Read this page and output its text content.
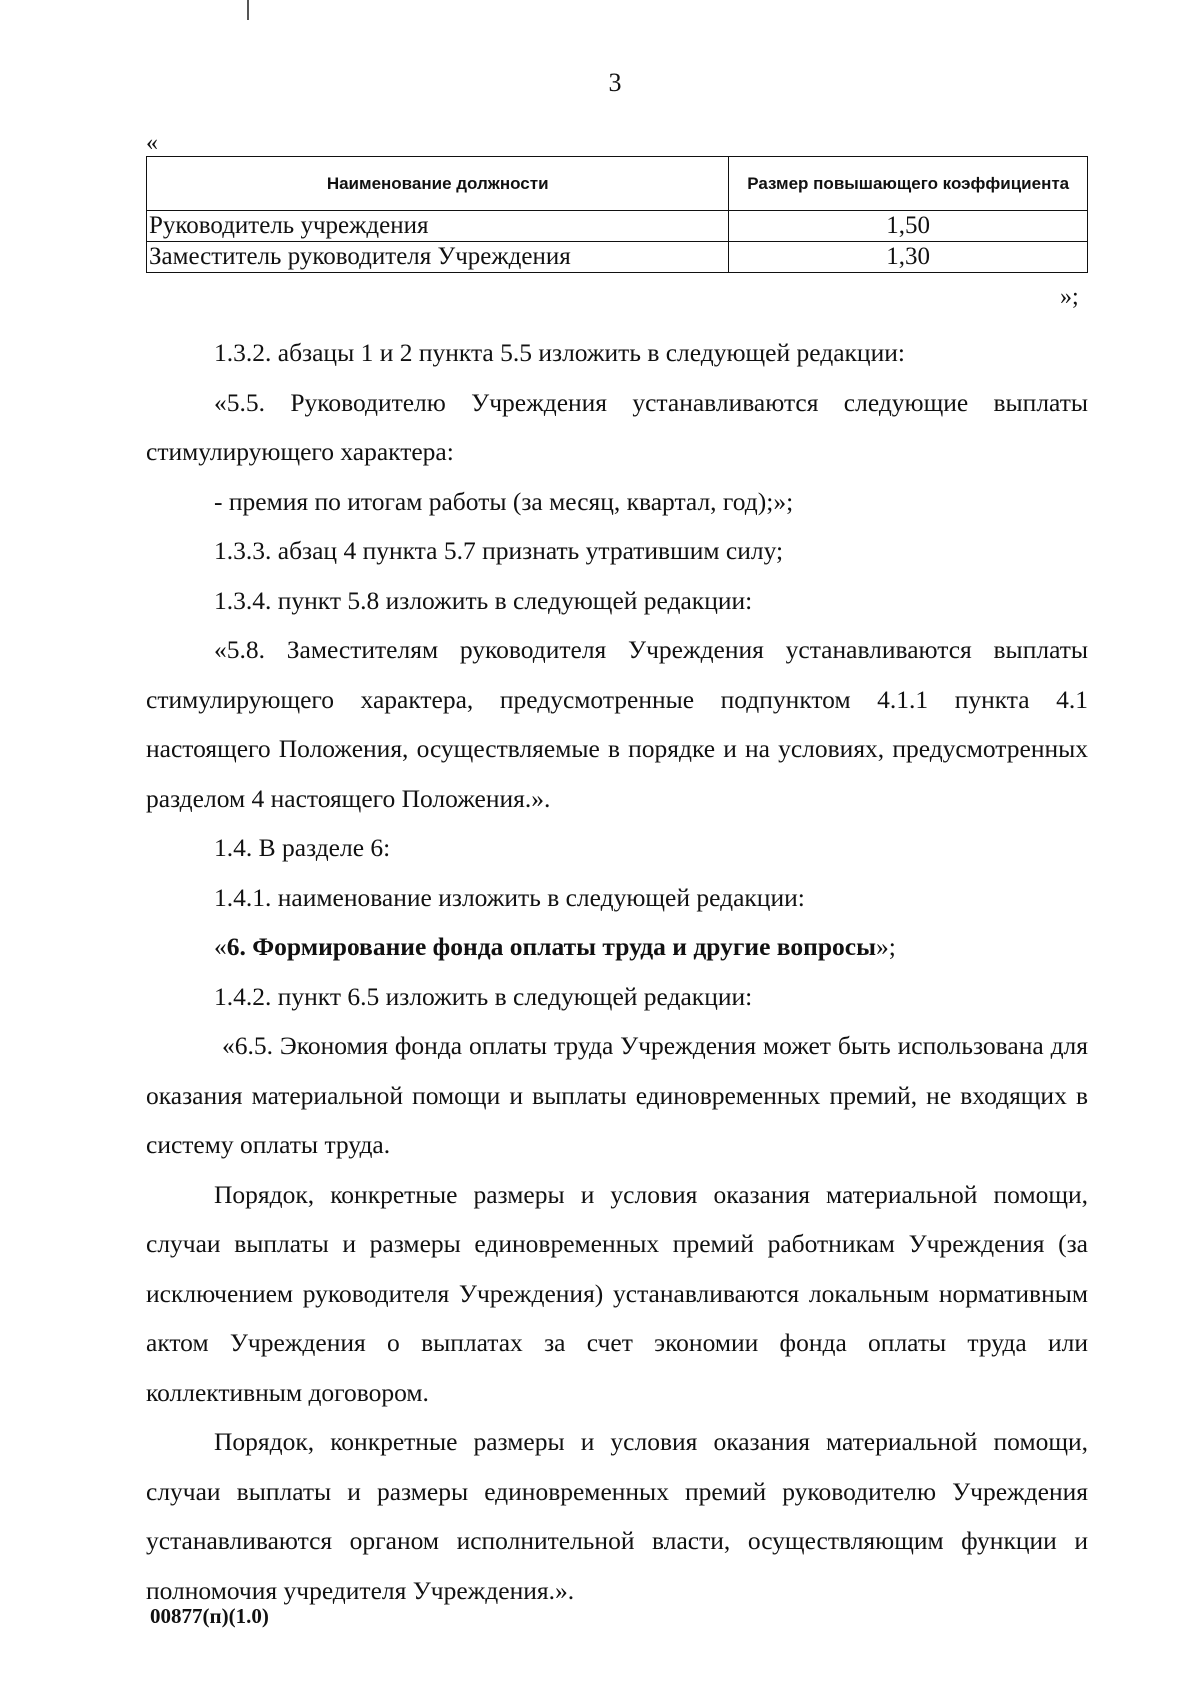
3
«
Наименование должности	Размер повышающего коэффициента
Руководитель учреждения	1,50
Заместитель руководителя Учреждения	1,30
»;

1.3.2. абзацы 1 и 2 пункта 5.5 изложить в следующей редакции:

«5.5. Руководителю Учреждения устанавливаются следующие выплаты стимулирующего характера:

- премия по итогам работы (за месяц, квартал, год);»;

1.3.3. абзац 4 пункта 5.7 признать утратившим силу;

1.3.4. пункт 5.8 изложить в следующей редакции:

«5.8. Заместителям руководителя Учреждения устанавливаются выплаты стимулирующего характера, предусмотренные подпунктом 4.1.1 пункта 4.1 настоящего Положения, осуществляемые в порядке и на условиях, предусмотренных разделом 4 настоящего Положения.».

1.4. В разделе 6:

1.4.1. наименование изложить в следующей редакции:

«6. Формирование фонда оплаты труда и другие вопросы»;

1.4.2. пункт 6.5 изложить в следующей редакции:

«6.5. Экономия фонда оплаты труда Учреждения может быть использована для оказания материальной помощи и выплаты единовременных премий, не входящих в систему оплаты труда.

Порядок, конкретные размеры и условия оказания материальной помощи, случаи выплаты и размеры единовременных премий работникам Учреждения (за исключением руководителя Учреждения) устанавливаются локальным нормативным актом Учреждения о выплатах за счет экономии фонда оплаты труда или коллективным договором.

Порядок, конкретные размеры и условия оказания материальной помощи, случаи выплаты и размеры единовременных премий руководителю Учреждения устанавливаются органом исполнительной власти, осуществляющим функции и полномочия учредителя Учреждения.».

00877(п)(1.0)
